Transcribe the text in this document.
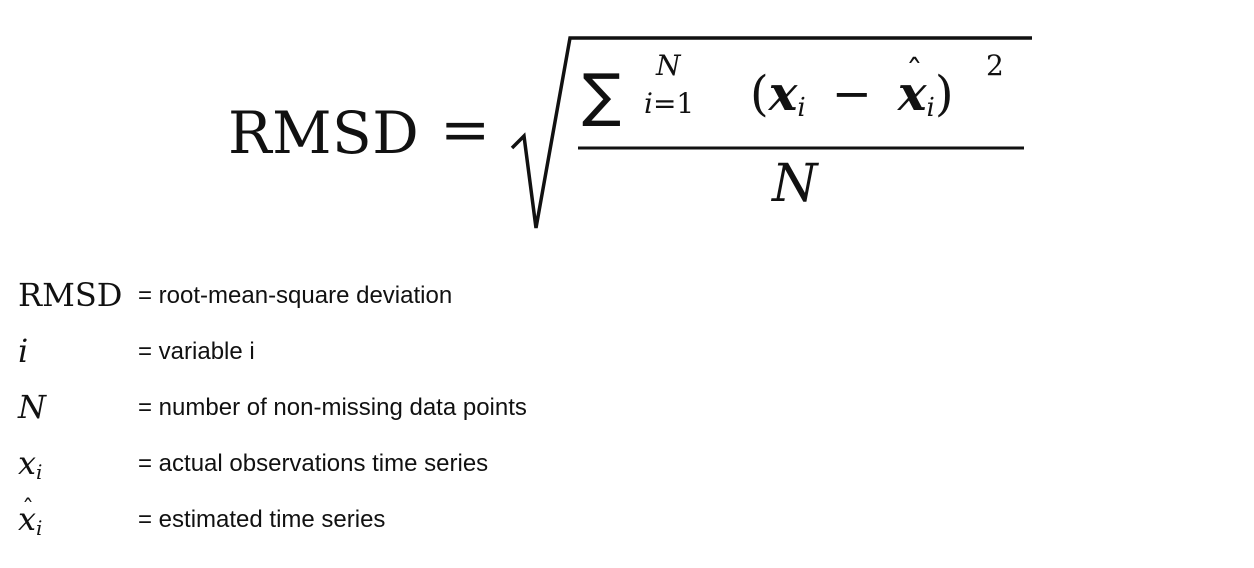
RMSD = ∑ N
i=1 ($x_i$ −ˆ $x_i$)
2
N
RMSD = root-mean-square deviation
i	= variable i
N	= number of non-missing data points
$x_i$	= actual observations time series
ˆ $x_i$	= estimated time series
